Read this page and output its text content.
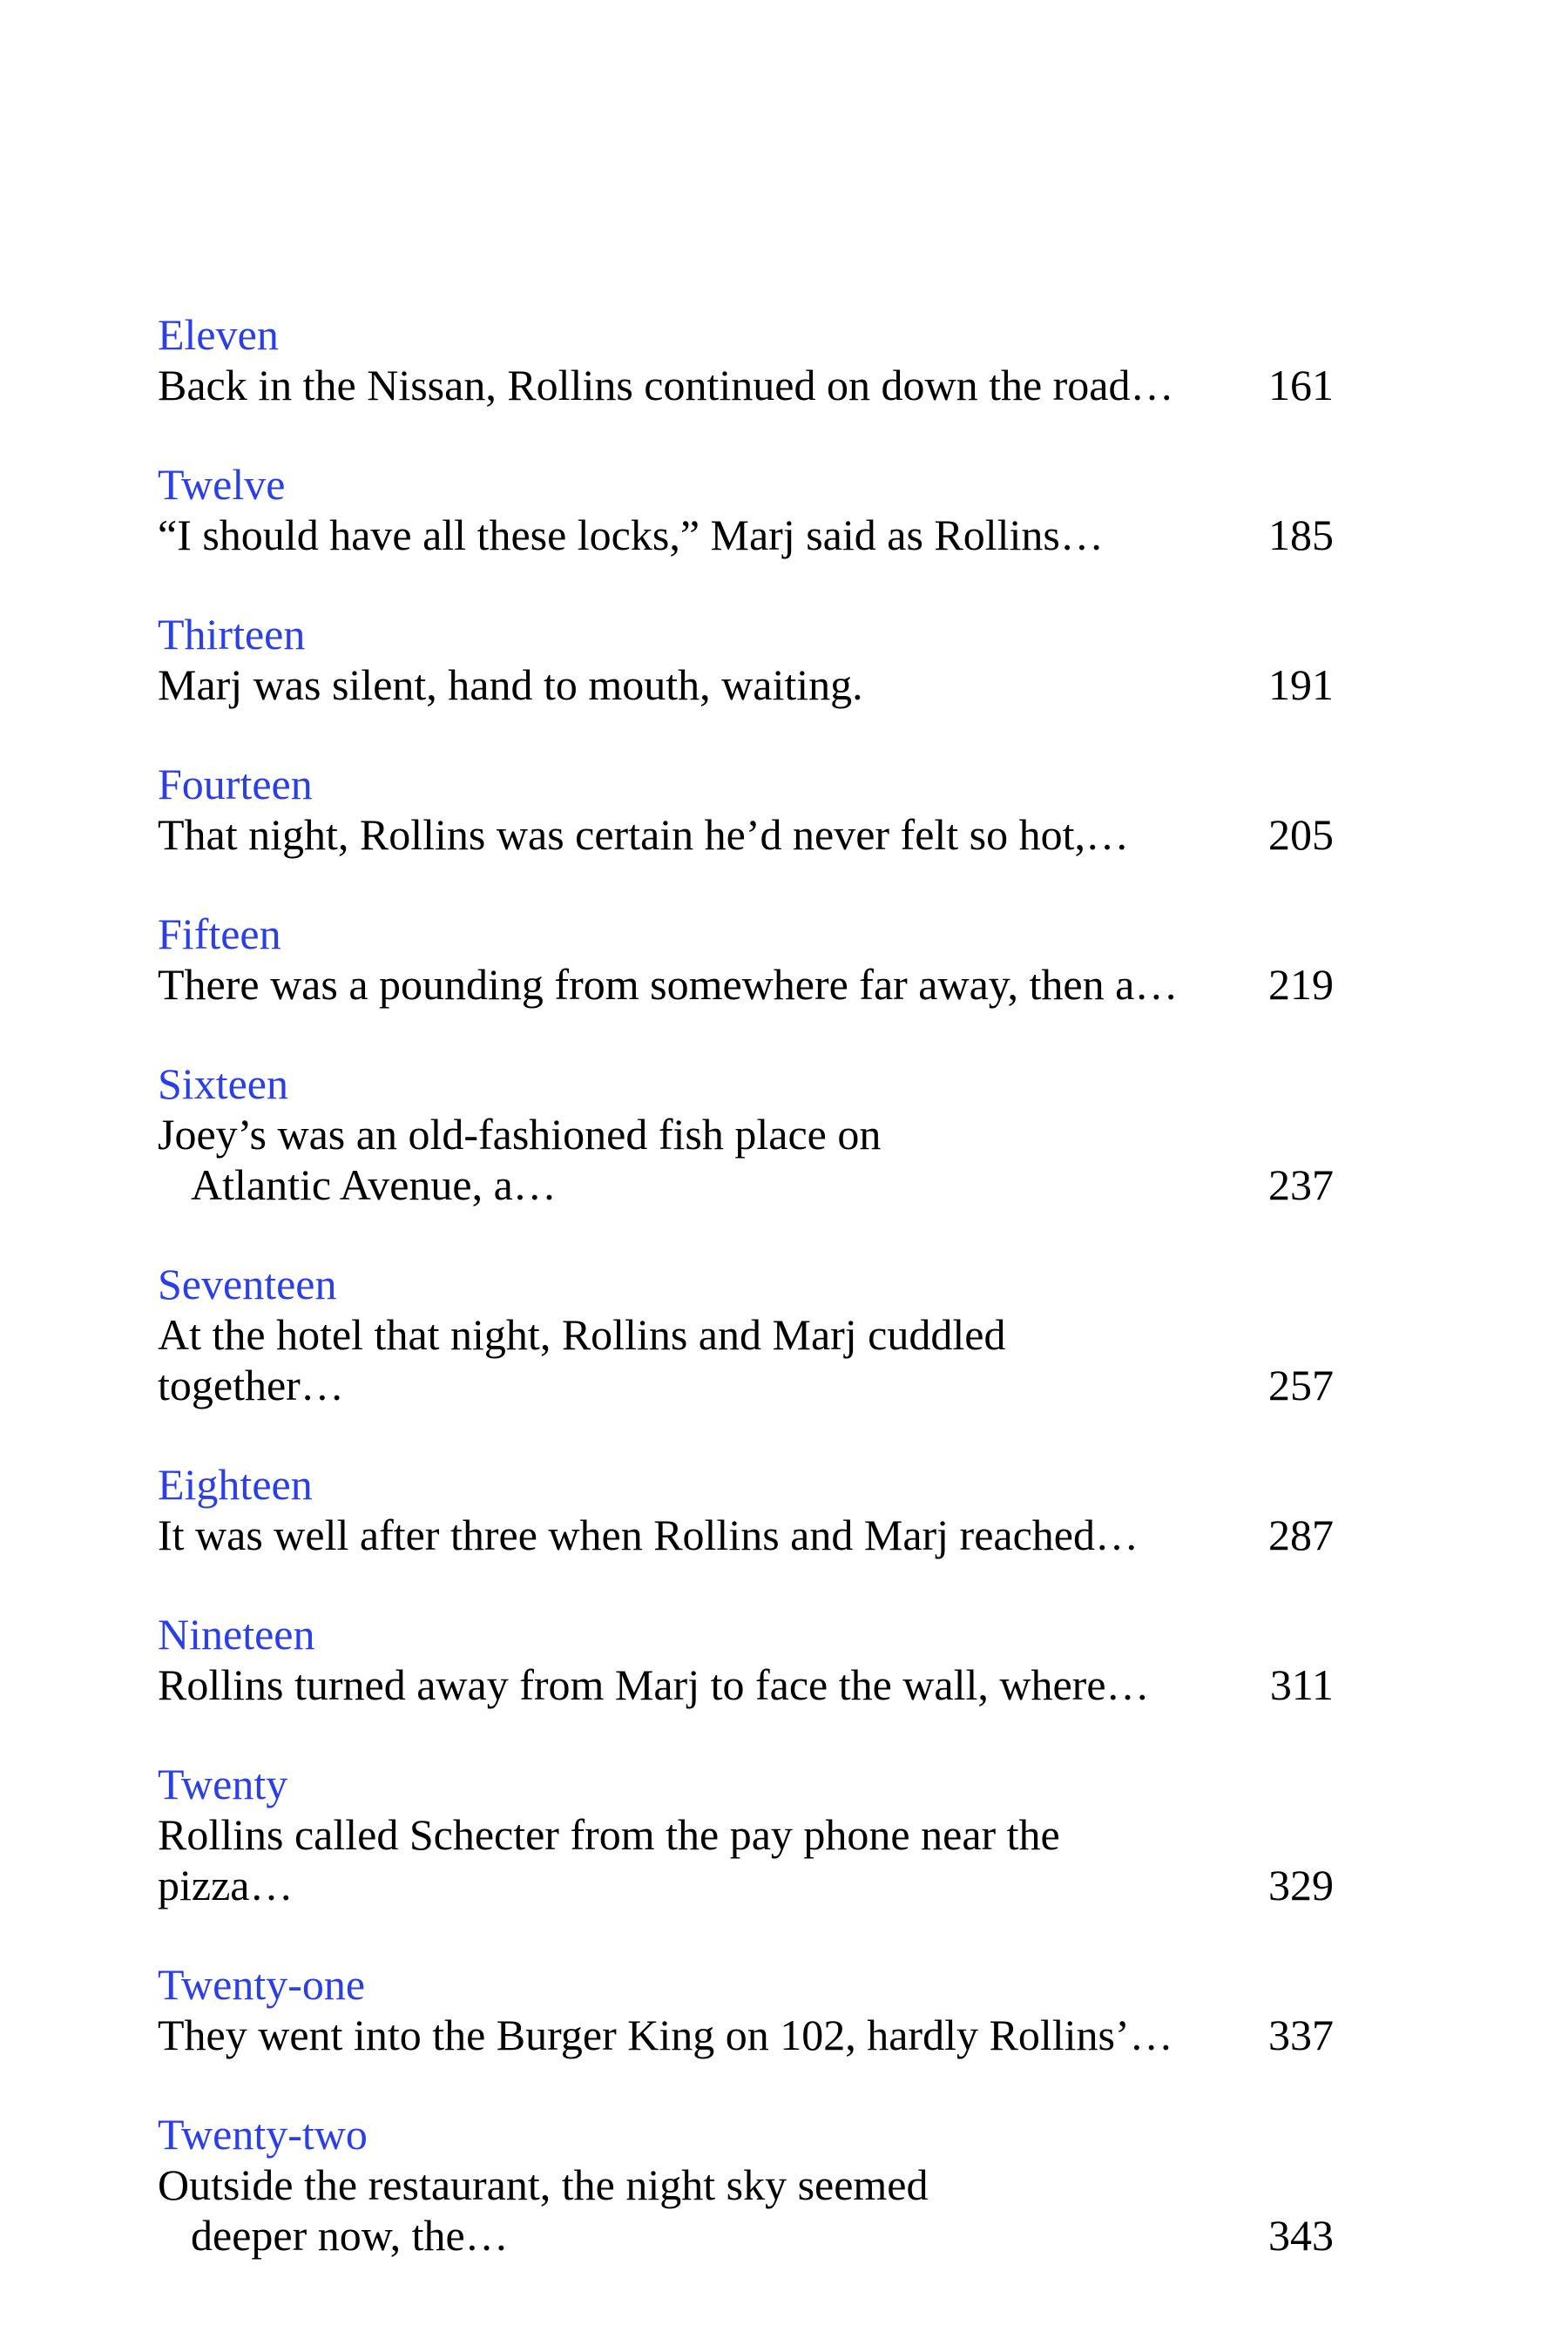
Eleven
Back in the Nissan, Rollins continued on down the road…	161
Twelve
“I should have all these locks,” Marj said as Rollins…	185
Thirteen
Marj was silent, hand to mouth, waiting.	191
Fourteen
That night, Rollins was certain he’d never felt so hot,…	205
Fifteen
There was a pounding from somewhere far away, then a…	219
Sixteen
Joey’s was an old-fashioned fish place on
Atlantic Avenue, a…	237
Seventeen
At the hotel that night, Rollins and Marj cuddled together…	257
Eighteen
It was well after three when Rollins and Marj reached…	287
Nineteen
Rollins turned away from Marj to face the wall, where…	311
Twenty
Rollins called Schecter from the pay phone near the pizza…	329
Twenty-one
They went into the Burger King on 102, hardly Rollins’…	337
Twenty-two
Outside the restaurant, the night sky seemed
deeper now, the…	343
